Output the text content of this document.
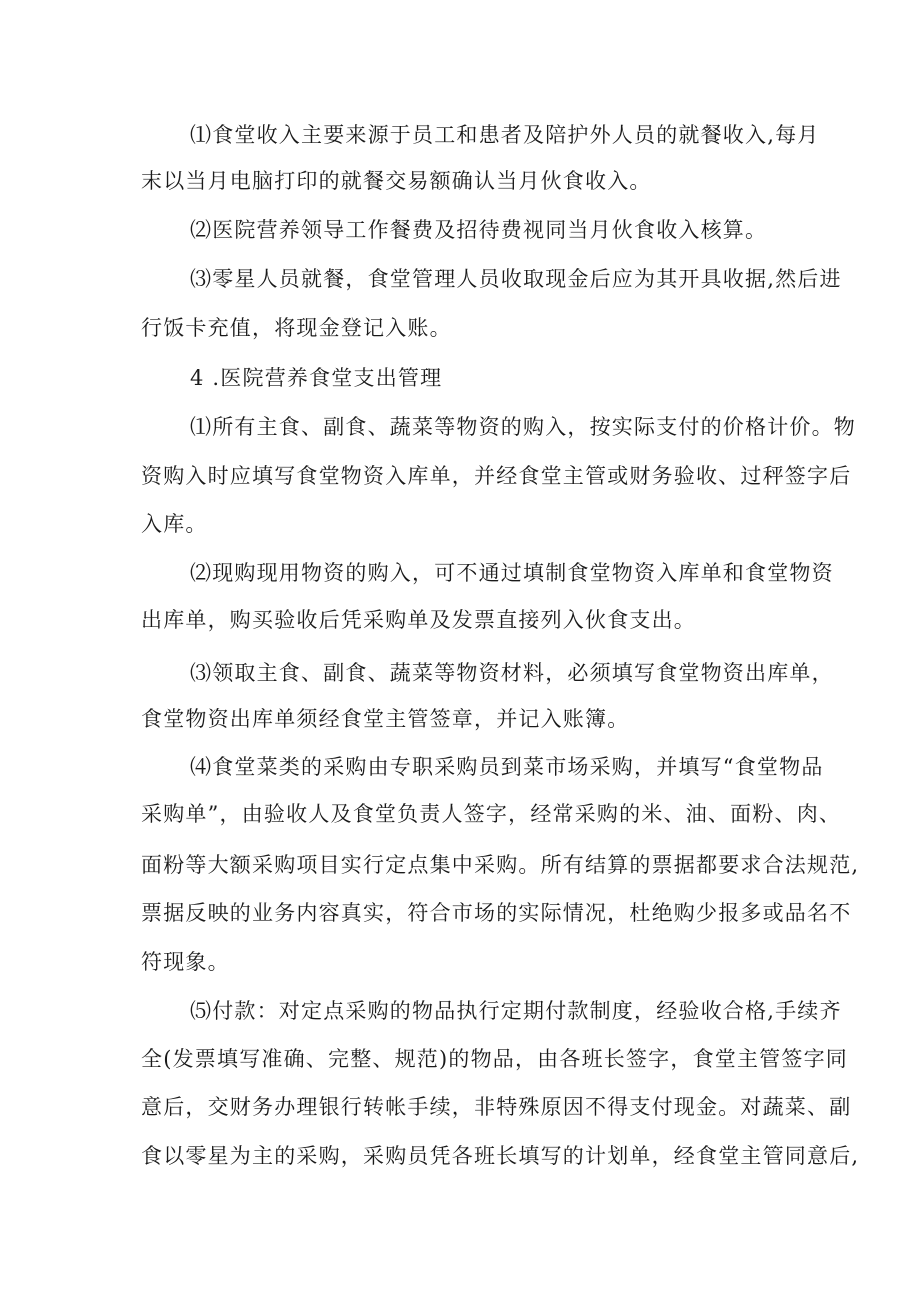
⑴食堂收入主要来源于员工和患者及陪护外人员的就餐收入,每月
末以当月电脑打印的就餐交易额确认当月伙食收入。
⑵医院营养领导工作餐费及招待费视同当月伙食收入核算。
⑶零星人员就餐，食堂管理人员收取现金后应为其开具收据,然后进
行饭卡充值，将现金登记入账。
4 .医院营养食堂支出管理
⑴所有主食、副食、蔬菜等物资的购入，按实际支付的价格计价。物
资购入时应填写食堂物资入库单，并经食堂主管或财务验收、过秤签字后
入库。
⑵现购现用物资的购入，可不通过填制食堂物资入库单和食堂物资
出库单，购买验收后凭采购单及发票直接列入伙食支出。
⑶领取主食、副食、蔬菜等物资材料，必须填写食堂物资出库单，
食堂物资出库单须经食堂主管签章，并记入账簿。
⑷食堂菜类的采购由专职采购员到菜市场采购，并填写“食堂物品
采购单”，由验收人及食堂负责人签字，经常采购的米、油、面粉、肉、
面粉等大额采购项目实行定点集中采购。所有结算的票据都要求合法规范,
票据反映的业务内容真实，符合市场的实际情况，杜绝购少报多或品名不
符现象。
⑸付款：对定点采购的物品执行定期付款制度，经验收合格,手续齐
全(发票填写准确、完整、规范)的物品，由各班长签字，食堂主管签字同
意后，交财务办理银行转帐手续，非特殊原因不得支付现金。对蔬菜、副
食以零星为主的采购，采购员凭各班长填写的计划单，经食堂主管同意后,
